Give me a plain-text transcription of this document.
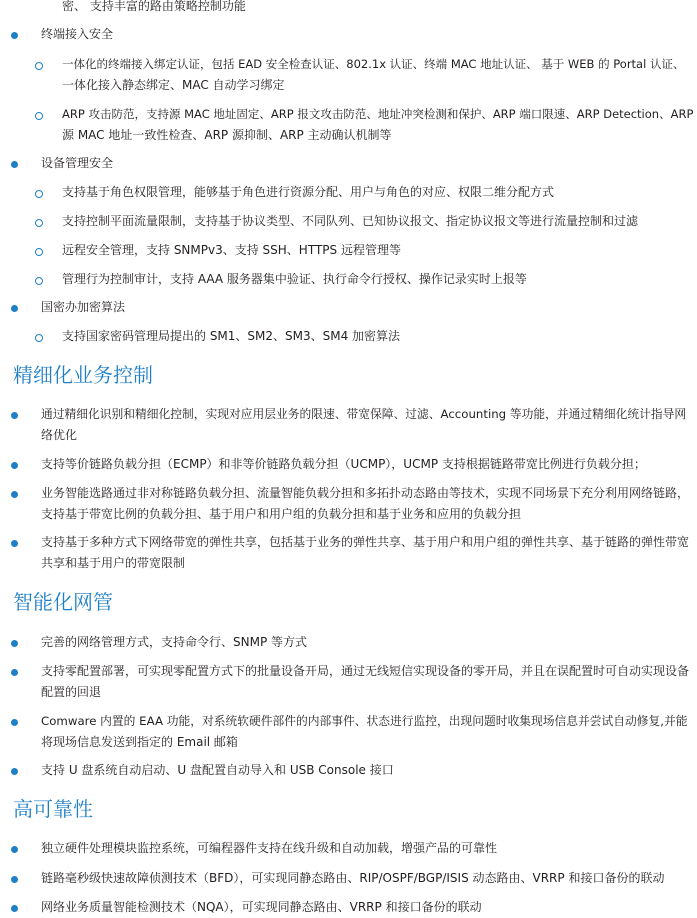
密、 支持丰富的路由策略控制功能
终端接入安全
一体化的终端接入绑定认证，包括 EAD 安全检查认证、802.1x 认证、终端 MAC 地址认证、 基于 WEB 的 Portal 认证、
一体化接入静态绑定、MAC 自动学习绑定
ARP 攻击防范，支持源 MAC 地址固定、ARP 报文攻击防范、地址冲突检测和保护、ARP 端口限速、ARP Detection、ARP
源 MAC 地址一致性检查、ARP 源抑制、ARP 主动确认机制等
设备管理安全
支持基于角色权限管理，能够基于角色进行资源分配、用户与角色的对应、权限二维分配方式
支持控制平面流量限制，支持基于协议类型、不同队列、已知协议报文、指定协议报文等进行流量控制和过滤
远程安全管理，支持 SNMPv3、支持 SSH、HTTPS 远程管理等
管理行为控制审计，支持 AAA 服务器集中验证、执行命令行授权、操作记录实时上报等
国密办加密算法
支持国家密码管理局提出的 SM1、SM2、SM3、SM4 加密算法
精细化业务控制
通过精细化识别和精细化控制，实现对应用层业务的限速、带宽保障、过滤、Accounting 等功能，并通过精细化统计指导网
络优化
支持等价链路负载分担（ECMP）和非等价链路负载分担（UCMP），UCMP 支持根据链路带宽比例进行负载分担；
业务智能选路通过非对称链路负载分担、流量智能负载分担和多拓扑动态路由等技术，实现不同场景下充分利用网络链路，
支持基于带宽比例的负载分担、基于用户和用户组的负载分担和基于业务和应用的负载分担
支持基于多种方式下网络带宽的弹性共享，包括基于业务的弹性共享、基于用户和用户组的弹性共享、基于链路的弹性带宽
共享和基于用户的带宽限制
智能化网管
完善的网络管理方式，支持命令行、SNMP 等方式
支持零配置部署，可实现零配置方式下的批量设备开局，通过无线短信实现设备的零开局，并且在误配置时可自动实现设备
配置的回退
Comware 内置的 EAA 功能，对系统软硬件部件的内部事件、状态进行监控，出现问题时收集现场信息并尝试自动修复,并能
将现场信息发送到指定的 Email 邮箱
支持 U 盘系统自动启动、U 盘配置自动导入和 USB Console 接口
高可靠性
独立硬件处理模块监控系统，可编程器件支持在线升级和自动加载，增强产品的可靠性
链路毫秒级快速故障侦测技术（BFD），可实现同静态路由、RIP/OSPF/BGP/ISIS 动态路由、VRRP 和接口备份的联动
网络业务质量智能检测技术（NQA），可实现同静态路由、VRRP 和接口备份的联动
